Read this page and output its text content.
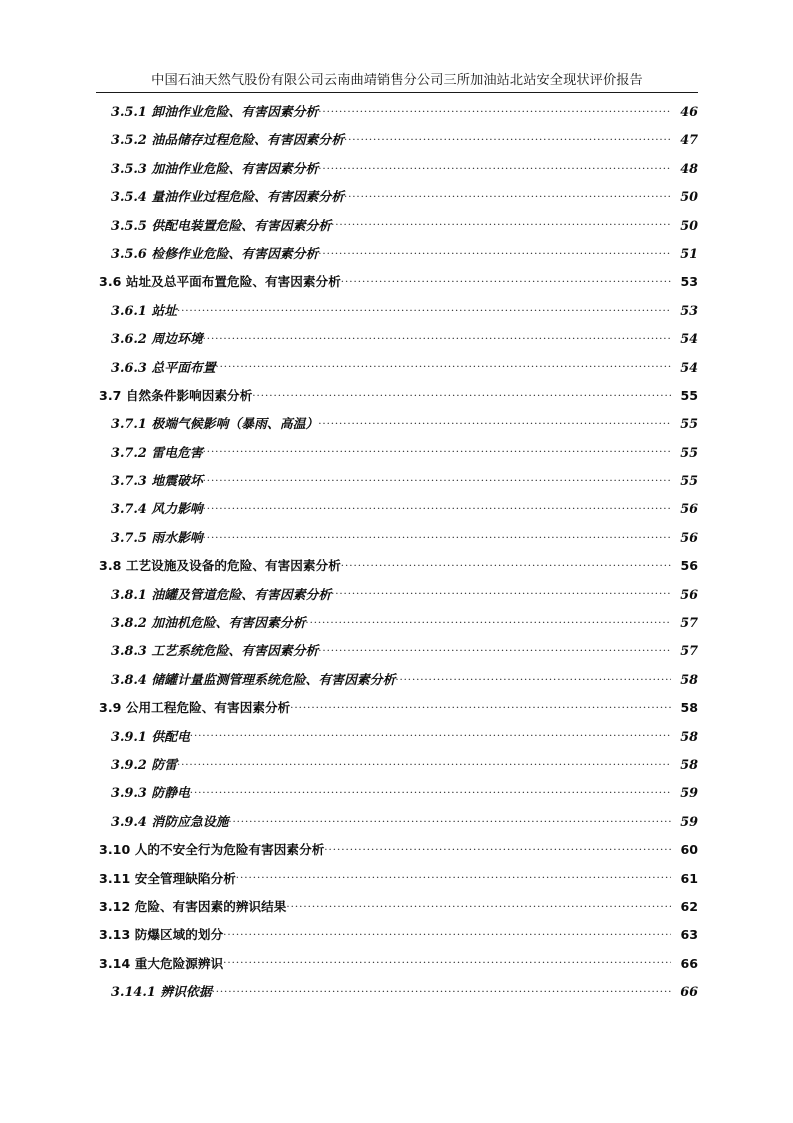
中国石油天然气股份有限公司云南曲靖销售分公司三所加油站北站安全现状评价报告
3.5.1 卸油作业危险、有害因素分析 .....	46
3.5.2 油品储存过程危险、有害因素分析 .....	47
3.5.3 加油作业危险、有害因素分析 .....	48
3.5.4 量油作业过程危险、有害因素分析 .....	50
3.5.5 供配电装置危险、有害因素分析 .....	50
3.5.6 检修作业危险、有害因素分析 .....	51
3.6 站址及总平面布置危险、有害因素分析 .....	53
3.6.1 站址 .....	53
3.6.2 周边环境 .....	54
3.6.3 总平面布置 .....	54
3.7 自然条件影响因素分析 .....	55
3.7.1 极端气候影响（暴雨、高温） .....	55
3.7.2 雷电危害 .....	55
3.7.3 地震破坏 .....	55
3.7.4 风力影响 .....	56
3.7.5 雨水影响 .....	56
3.8 工艺设施及设备的危险、有害因素分析 .....	56
3.8.1 油罐及管道危险、有害因素分析 .....	56
3.8.2 加油机危险、有害因素分析 .....	57
3.8.3 工艺系统危险、有害因素分析 .....	57
3.8.4 储罐计量监测管理系统危险、有害因素分析 .....	58
3.9 公用工程危险、有害因素分析 .....	58
3.9.1 供配电 .....	58
3.9.2 防雷 .....	58
3.9.3 防静电 .....	59
3.9.4 消防应急设施 .....	59
3.10 人的不安全行为危险有害因素分析 .....	60
3.11 安全管理缺陷分析 .....	61
3.12 危险、有害因素的辨识结果 .....	62
3.13 防爆区域的划分 .....	63
3.14 重大危险源辨识 .....	66
3.14.1 辨识依据 .....	66
